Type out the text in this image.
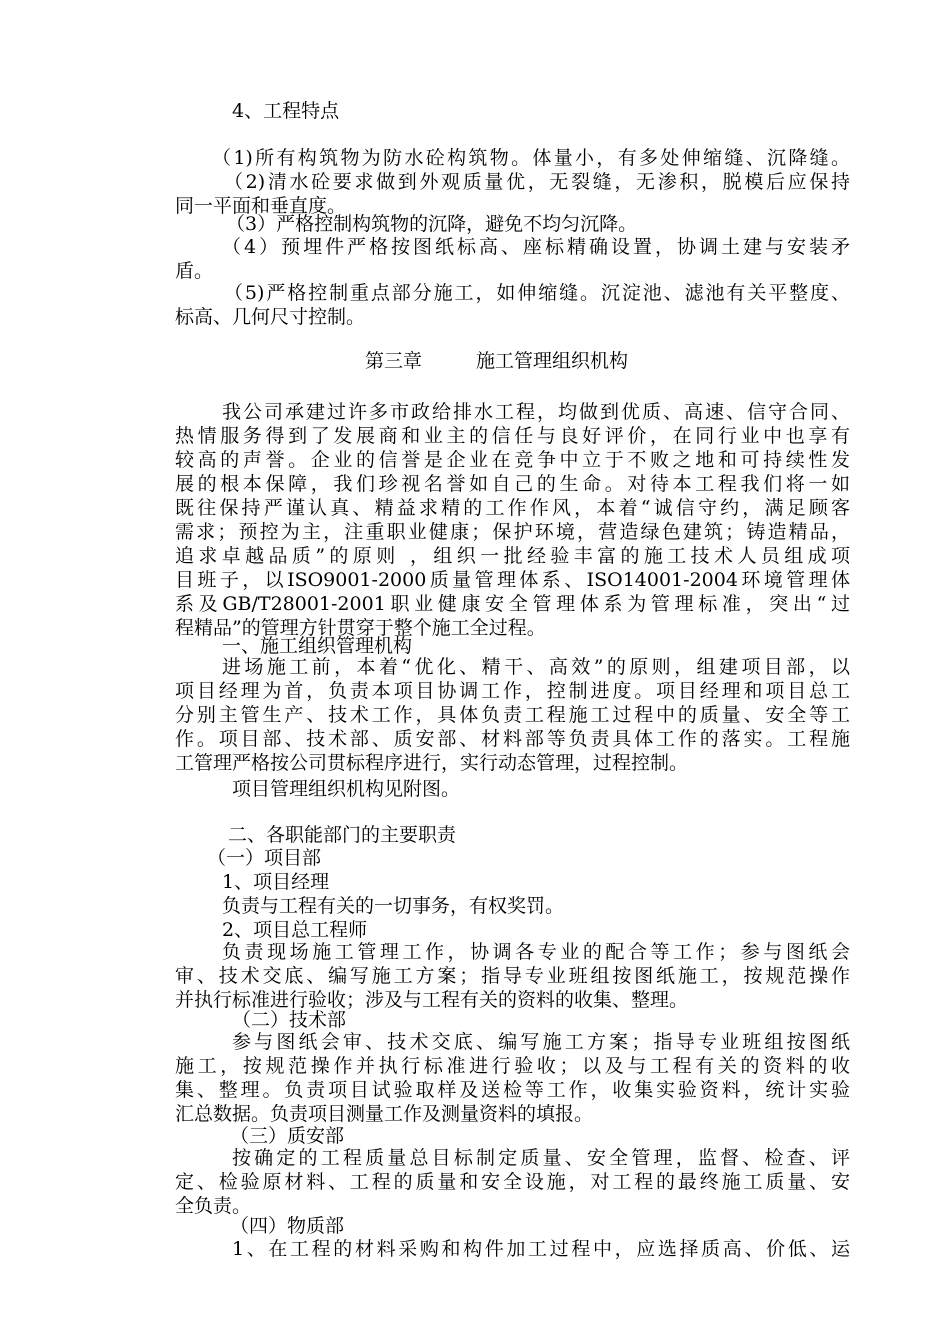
4、工程特点
（1)所有构筑物为防水砼构筑物。体量小，有多处伸缩缝、沉降缝。
（2)清水砼要求做到外观质量优，无裂缝，无渗积，脱模后应保持
同一平面和垂直度。
（3）严格控制构筑物的沉降，避免不均匀沉降。
（4）预埋件严格按图纸标高、座标精确设置，协调土建与安装矛
盾。
（5)严格控制重点部分施工，如伸缩缝。沉淀池、滤池有关平整度、
标高、几何尺寸控制。
第三章	施工管理组织机构
我公司承建过许多市政给排水工程，均做到优质、高速、信守合同、
热情服务得到了发展商和业主的信任与良好评价，在同行业中也享有
较高的声誉。企业的信誉是企业在竞争中立于不败之地和可持续性发
展的根本保障，我们珍视名誉如自己的生命。对待本工程我们将一如
既往保持严谨认真、精益求精的工作作风，本着“诚信守约，满足顾客
需求；预控为主，注重职业健康；保护环境，营造绿色建筑；铸造精品，
追求卓越品质”的原则 ，组织一批经验丰富的施工技术人员组成项
目班子，以ISO9001-2000质量管理体系、ISO14001-2004环境管理体
系及GB/T28001-2001职业健康安全管理体系为管理标准，突出“过
程精品”的管理方针贯穿于整个施工全过程。
一、施工组织管理机构
进场施工前，本着“优化、精干、高效”的原则，组建项目部，以
项目经理为首，负责本项目协调工作，控制进度。项目经理和项目总工
分别主管生产、技术工作，具体负责工程施工过程中的质量、安全等工
作。项目部、技术部、质安部、材料部等负责具体工作的落实。工程施
工管理严格按公司贯标程序进行，实行动态管理，过程控制。
项目管理组织机构见附图。
二、各职能部门的主要职责
（一）项目部
1、项目经理
负责与工程有关的一切事务，有权奖罚。
2、项目总工程师
负责现场施工管理工作，协调各专业的配合等工作；参与图纸会
审、技术交底、编写施工方案；指导专业班组按图纸施工，按规范操作
并执行标准进行验收；涉及与工程有关的资料的收集、整理。
（二）技术部
参与图纸会审、技术交底、编写施工方案；指导专业班组按图纸
施工，按规范操作并执行标准进行验收；以及与工程有关的资料的收
集、整理。负责项目试验取样及送检等工作，收集实验资料，统计实验
汇总数据。负责项目测量工作及测量资料的填报。
（三）质安部
按确定的工程质量总目标制定质量、安全管理，监督、检查、评
定、检验原材料、工程的质量和安全设施，对工程的最终施工质量、安
全负责。
（四）物质部
1、在工程的材料采购和构件加工过程中，应选择质高、价低、运
